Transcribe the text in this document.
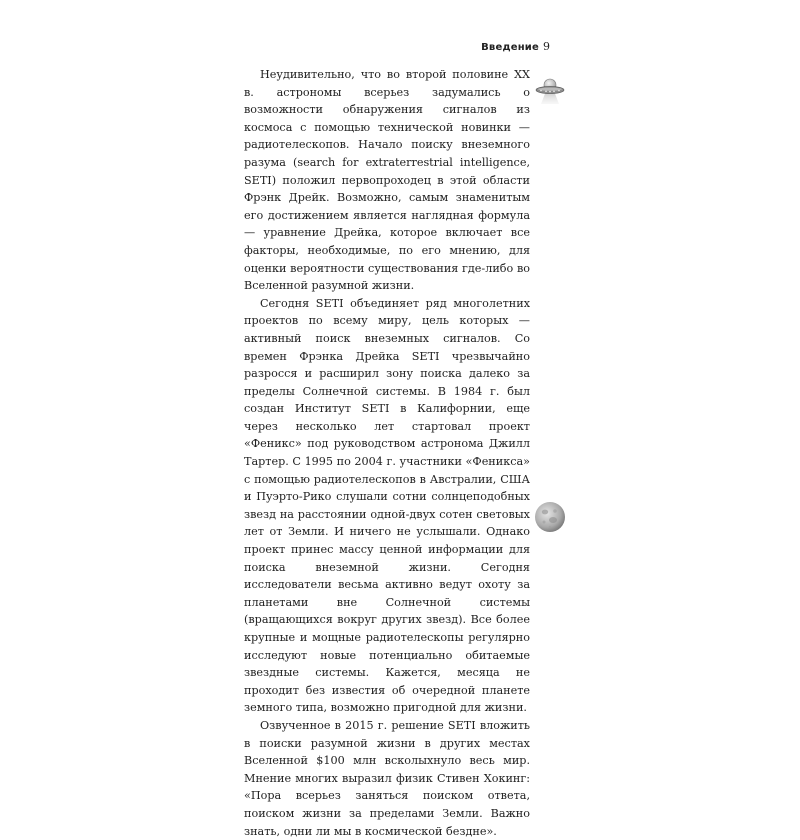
Введение 9

Неудивительно, что во второй половине XX в. астрономы всерьез задумались о возможности обнаружения сигналов из космоса с помощью технической новинки — радиотелескопов. Начало поиску внеземного разума (search for extraterrestrial intelligence, SETI) положил первопроходец в этой области Фрэнк Дрейк. Возможно, самым знаменитым его достижением является наглядная формула — уравнение Дрейка, которое включает все факторы, необходимые, по его мнению, для оценки вероятности существования где-либо во Вселенной разумной жизни.

Сегодня SETI объединяет ряд многолетних проектов по всему миру, цель которых — активный поиск внеземных сигналов. Со времен Фрэнка Дрейка SETI чрезвычайно разросся и расширил зону поиска далеко за пределы Солнечной системы. В 1984 г. был создан Институт SETI в Калифорнии, еще через несколько лет стартовал проект «Феникс» под руководством астронома Джилл Тартер. С 1995 по 2004 г. участники «Феникса» с помощью радиотелескопов в Австралии, США и Пуэрто-Рико слушали сотни солнцеподобных звезд на расстоянии одной-двух сотен световых лет от Земли. И ничего не услышали. Однако проект принес массу ценной информации для поиска внеземной жизни. Сегодня исследователи весьма активно ведут охоту за планетами вне Солнечной системы (вращающихся вокруг других звезд). Все более крупные и мощные радиотелескопы регулярно исследуют новые потенциально обитаемые звездные системы. Кажется, месяца не проходит без известия об очередной планете земного типа, возможно пригодной для жизни.

Озвученное в 2015 г. решение SETI вложить в поиски разумной жизни в других местах Вселенной $100 млн всколыхнуло весь мир. Мнение многих выразил физик Стивен Хокинг: «Пора всерьез заняться поиском ответа, поиском жизни за пределами Земли. Важно знать, одни ли мы в космической бездне».
